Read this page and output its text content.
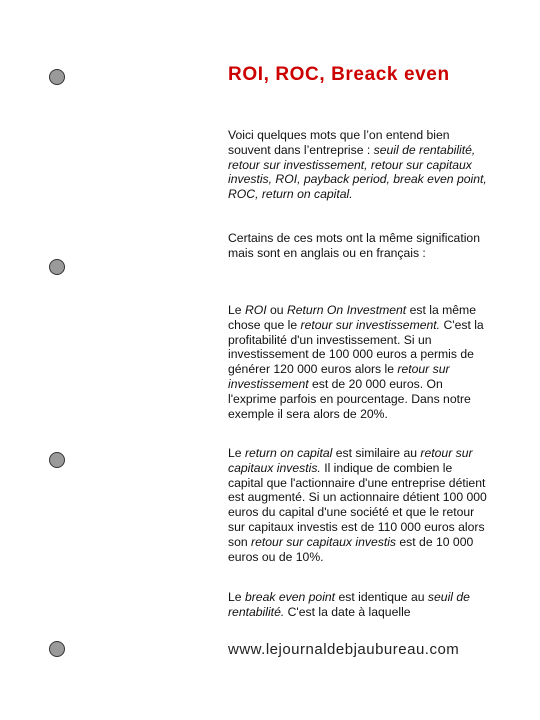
ROI, ROC, Breack even

Voici quelques mots que l’on entend bien souvent dans l’entreprise : seuil de rentabilité, retour sur investissement, retour sur capitaux investis, ROI, payback period, break even point, ROC, return on capital.

Certains de ces mots ont la même signification mais sont en anglais ou en français :

Le ROI ou Return On Investment est la même chose que le retour sur investissement. C'est la profitabilité d'un investissement. Si un investissement de 100 000 euros a permis de générer 120 000 euros alors le retour sur investissement est de 20 000 euros. On l'exprime parfois en pourcentage. Dans notre exemple il sera alors de 20%.

Le return on capital est similaire au retour sur capitaux investis. Il indique de combien le capital que l'actionnaire d'une entreprise détient est augmenté. Si un actionnaire détient 100 000 euros du capital d'une société et que le retour sur capitaux investis est de 110 000 euros alors son retour sur capitaux investis est de 10 000 euros ou de 10%.

Le break even point est identique au seuil de rentabilité. C'est la date à laquelle

www.lejournaldebjaubureau.com
